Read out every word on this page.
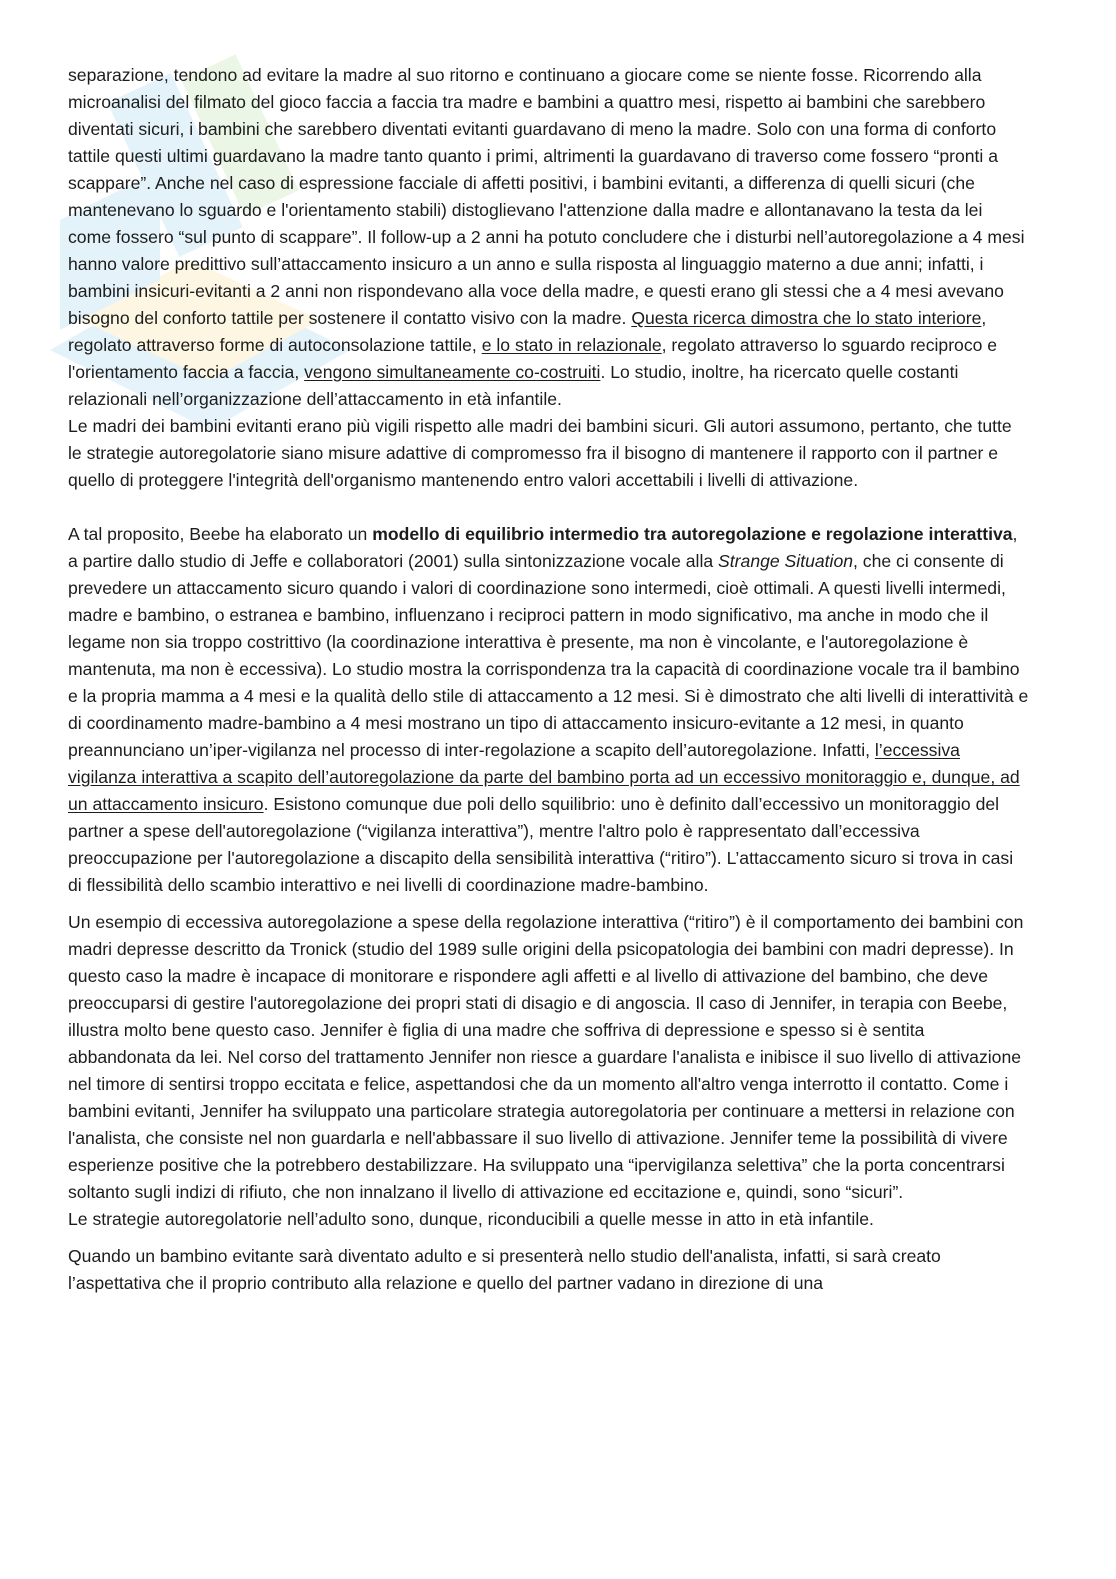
separazione, tendono ad evitare la madre al suo ritorno e continuano a giocare come se niente fosse. Ricorrendo alla microanalisi del filmato del gioco faccia a faccia tra madre e bambini a quattro mesi, rispetto ai bambini che sarebbero diventati sicuri, i bambini che sarebbero diventati evitanti guardavano di meno la madre. Solo con una forma di conforto tattile questi ultimi guardavano la madre tanto quanto i primi, altrimenti la guardavano di traverso come fossero “pronti a scappare”. Anche nel caso di espressione facciale di affetti positivi, i bambini evitanti, a differenza di quelli sicuri (che mantenevano lo sguardo e l'orientamento stabili) distoglievano l'attenzione dalla madre e allontanavano la testa da lei come fossero “sul punto di scappare”. Il follow-up a 2 anni ha potuto concludere che i disturbi nell’autoregolazione a 4 mesi hanno valore predittivo sull’attaccamento insicuro a un anno e sulla risposta al linguaggio materno a due anni; infatti, i bambini insicuri-evitanti a 2 anni non rispondevano alla voce della madre, e questi erano gli stessi che a 4 mesi avevano bisogno del conforto tattile per sostenere il contatto visivo con la madre. Questa ricerca dimostra che lo stato interiore, regolato attraverso forme di autoconsolazione tattile, e lo stato in relazionale, regolato attraverso lo sguardo reciproco e l'orientamento faccia a faccia, vengono simultaneamente co-costruiti. Lo studio, inoltre, ha ricercato quelle costanti relazionali nell’organizzazione dell’attaccamento in età infantile.

Le madri dei bambini evitanti erano più vigili rispetto alle madri dei bambini sicuri. Gli autori assumono, pertanto, che tutte le strategie autoregolatorie siano misure adattive di compromesso fra il bisogno di mantenere il rapporto con il partner e quello di proteggere l'integrità dell'organismo mantenendo entro valori accettabili i livelli di attivazione.

A tal proposito, Beebe ha elaborato un modello di equilibrio intermedio tra autoregolazione e regolazione interattiva, a partire dallo studio di Jeffe e collaboratori (2001) sulla sintonizzazione vocale alla Strange Situation, che ci consente di prevedere un attaccamento sicuro quando i valori di coordinazione sono intermedi, cioè ottimali. A questi livelli intermedi, madre e bambino, o estranea e bambino, influenzano i reciproci pattern in modo significativo, ma anche in modo che il legame non sia troppo costrittivo (la coordinazione interattiva è presente, ma non è vincolante, e l'autoregolazione è mantenuta, ma non è eccessiva). Lo studio mostra la corrispondenza tra la capacità di coordinazione vocale tra il bambino e la propria mamma a 4 mesi e la qualità dello stile di attaccamento a 12 mesi. Si è dimostrato che alti livelli di interattività e di coordinamento madre-bambino a 4 mesi mostrano un tipo di attaccamento insicuro-evitante a 12 mesi, in quanto preannunciano un’iper-vigilanza nel processo di inter-regolazione a scapito dell’autoregolazione. Infatti, l’eccessiva vigilanza interattiva a scapito dell’autoregolazione da parte del bambino porta ad un eccessivo monitoraggio e, dunque, ad un attaccamento insicuro. Esistono comunque due poli dello squilibrio: uno è definito dall’eccessivo un monitoraggio del partner a spese dell'autoregolazione (“vigilanza interattiva”), mentre l'altro polo è rappresentato dall’eccessiva preoccupazione per l'autoregolazione a discapito della sensibilità interattiva (“ritiro”). L’attaccamento sicuro si trova in casi di flessibilità dello scambio interattivo e nei livelli di coordinazione madre-bambino.

Un esempio di eccessiva autoregolazione a spese della regolazione interattiva (“ritiro”) è il comportamento dei bambini con madri depresse descritto da Tronick (studio del 1989 sulle origini della psicopatologia dei bambini con madri depresse). In questo caso la madre è incapace di monitorare e rispondere agli affetti e al livello di attivazione del bambino, che deve preoccuparsi di gestire l'autoregolazione dei propri stati di disagio e di angoscia. Il caso di Jennifer, in terapia con Beebe, illustra molto bene questo caso. Jennifer è figlia di una madre che soffriva di depressione e spesso si è sentita abbandonata da lei. Nel corso del trattamento Jennifer non riesce a guardare l'analista e inibisce il suo livello di attivazione nel timore di sentirsi troppo eccitata e felice, aspettandosi che da un momento all'altro venga interrotto il contatto. Come i bambini evitanti, Jennifer ha sviluppato una particolare strategia autoregolatoria per continuare a mettersi in relazione con l'analista, che consiste nel non guardarla e nell'abbassare il suo livello di attivazione. Jennifer teme la possibilità di vivere esperienze positive che la potrebbero destabilizzare. Ha sviluppato una “ipervigilanza selettiva” che la porta concentrarsi soltanto sugli indizi di rifiuto, che non innalzano il livello di attivazione ed eccitazione e, quindi, sono “sicuri”.

Le strategie autoregolatorie nell’adulto sono, dunque, riconducibili a quelle messe in atto in età infantile.

Quando un bambino evitante sarà diventato adulto e si presenterà nello studio dell'analista, infatti, si sarà creato l’aspettativa che il proprio contributo alla relazione e quello del partner vadano in direzione di una
